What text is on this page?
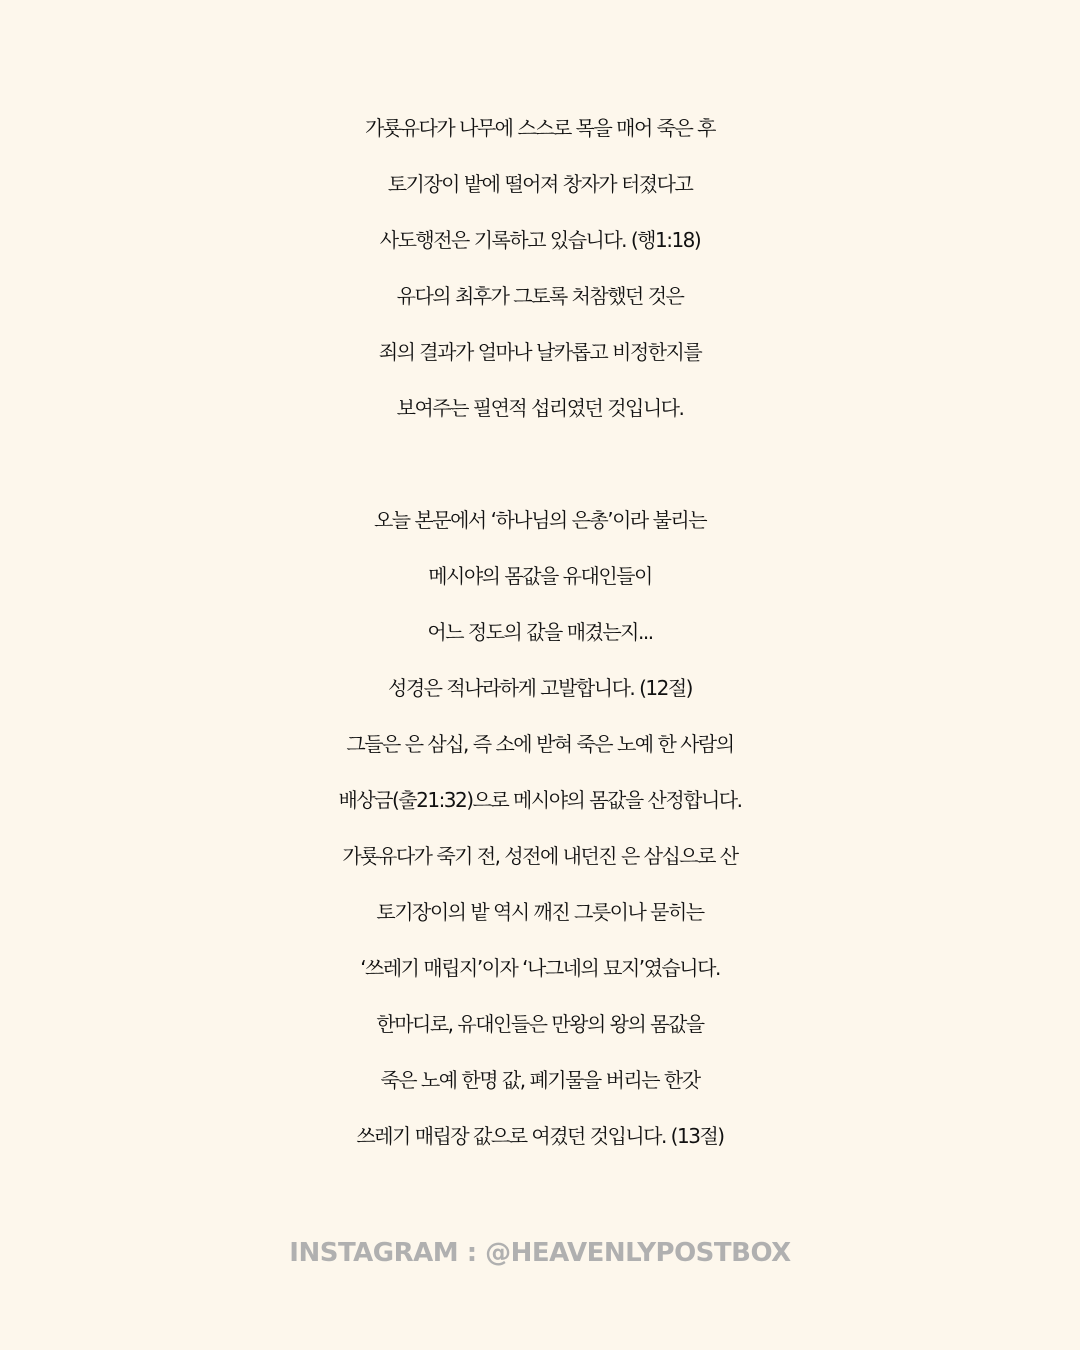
가룟유다가 나무에 스스로 목을 매어 죽은 후
토기장이 밭에 떨어져 창자가 터졌다고
사도행전은 기록하고 있습니다. (행1:18)
유다의 최후가 그토록 처참했던 것은
죄의 결과가 얼마나 날카롭고 비정한지를
보여주는 필연적 섭리였던 것입니다.
오늘 본문에서 ‘하나님의 은총’이라 불리는
메시야의 몸값을 유대인들이
어느 정도의 값을 매겼는지...
성경은 적나라하게 고발합니다. (12절)
그들은 은 삼십, 즉 소에 받혀 죽은 노예 한 사람의
배상금(출21:32)으로 메시야의 몸값을 산정합니다.
가룟유다가 죽기 전, 성전에 내던진 은 삼십으로 산
토기장이의 밭 역시 깨진 그릇이나 묻히는
‘쓰레기 매립지’이자 ‘나그네의 묘지’였습니다.
한마디로, 유대인들은 만왕의 왕의 몸값을
죽은 노예 한명 값, 폐기물을 버리는 한갓
쓰레기 매립장 값으로 여겼던 것입니다. (13절)
INSTAGRAM : @HEAVENLYPOSTBOX
